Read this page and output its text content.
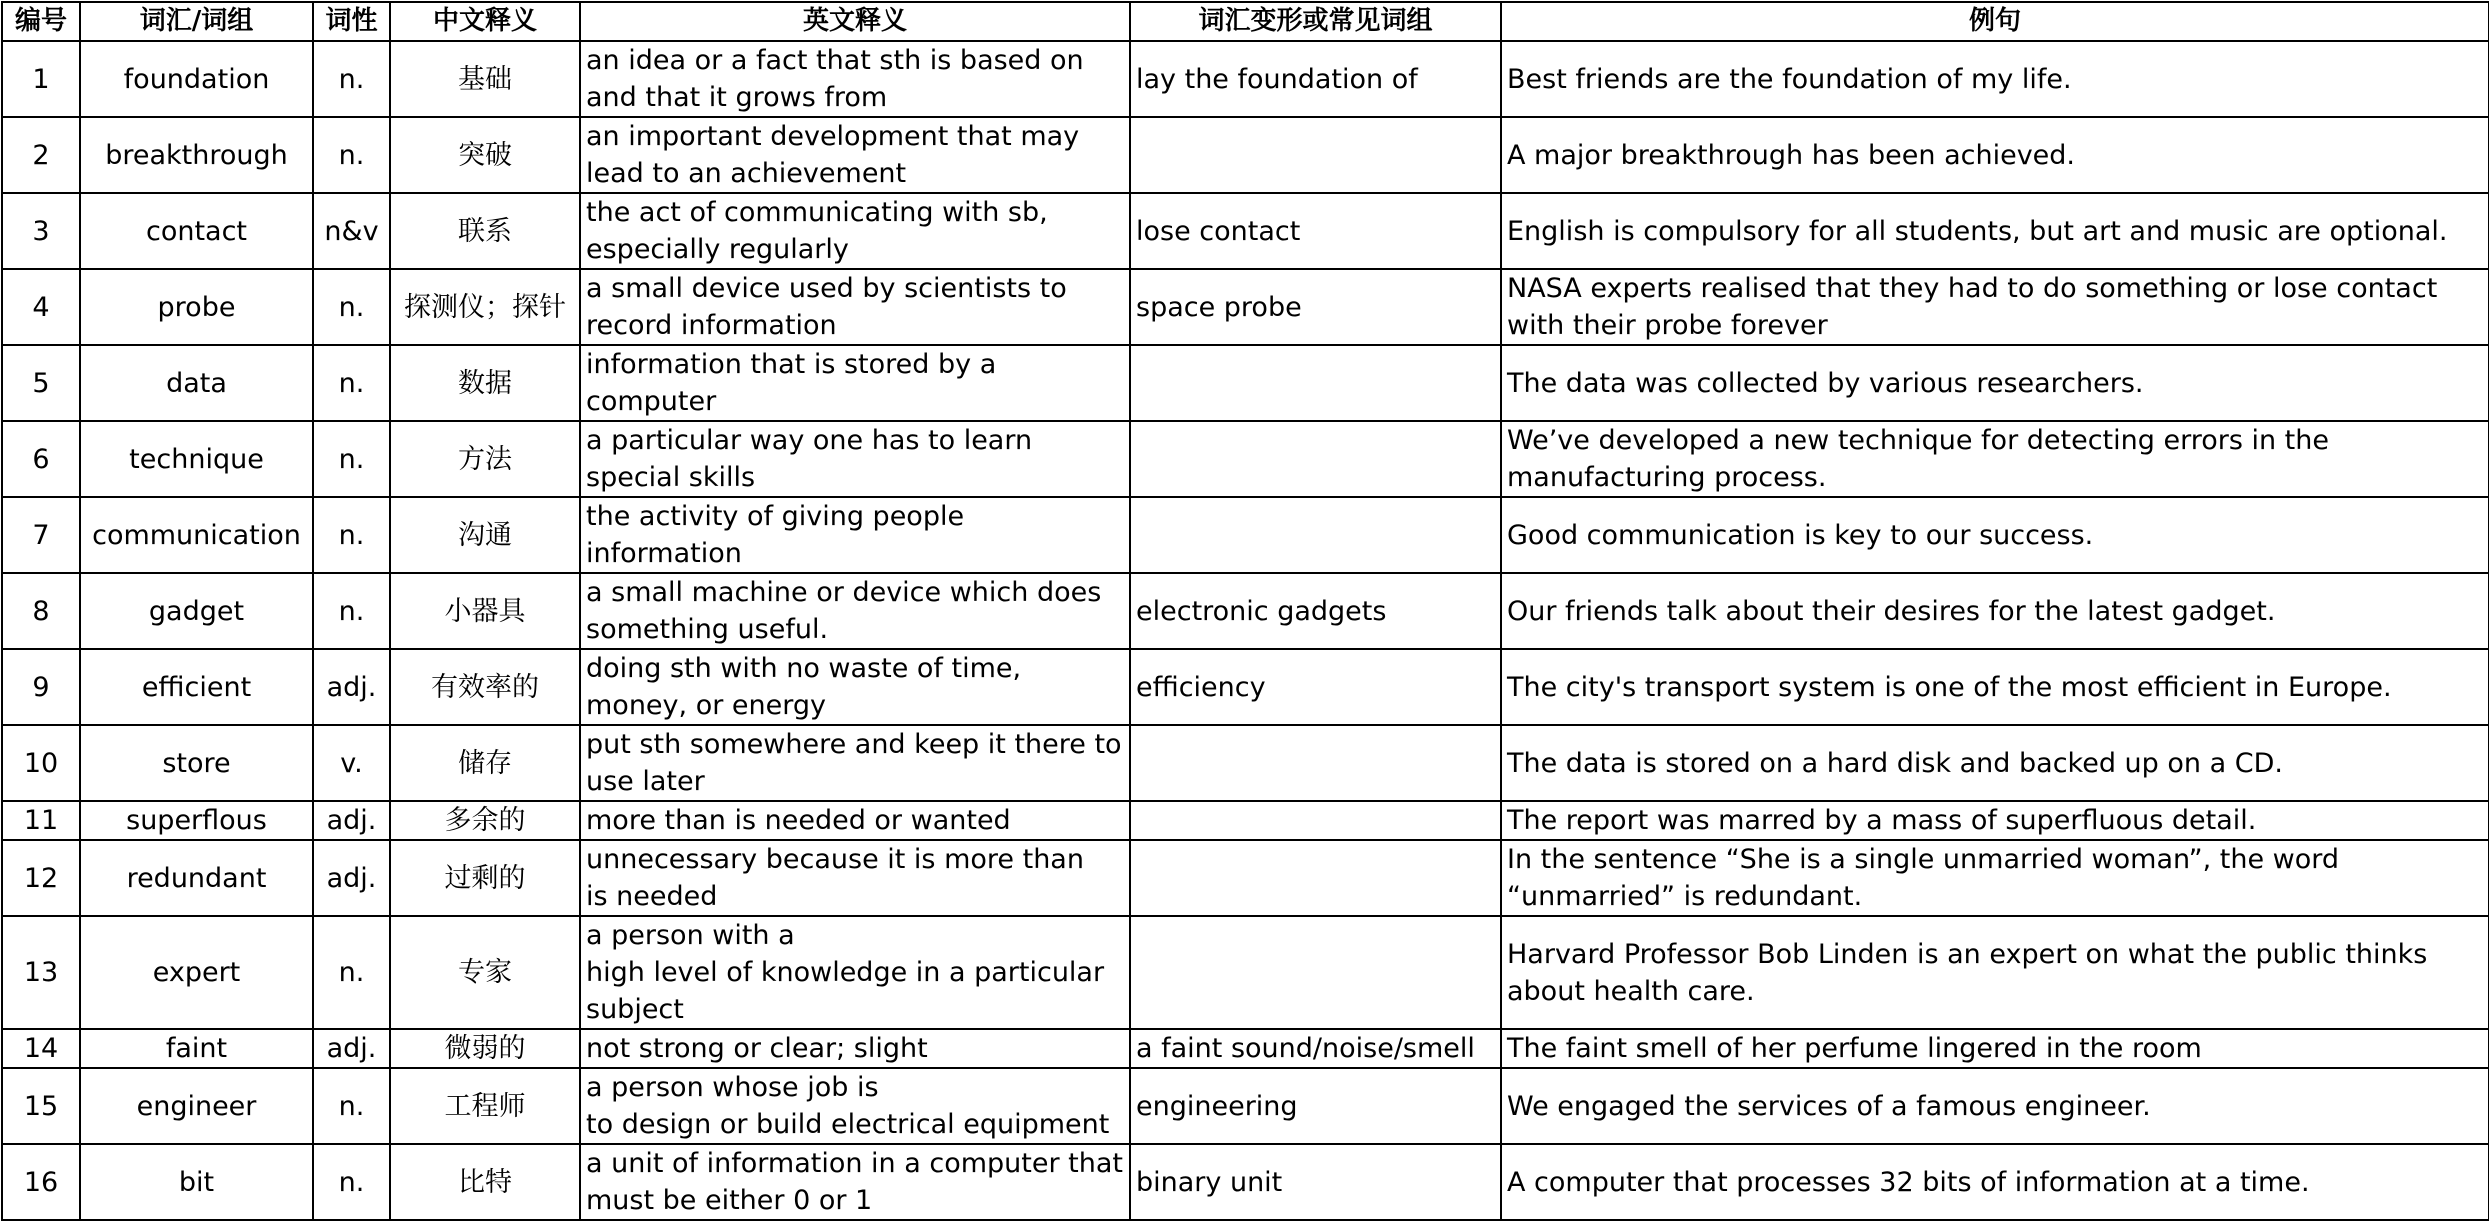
编号	词汇/词组	词性	中文释义	英文释义	词汇变形或常见词组	例句
1	foundation	n.	基础	an idea or a fact that sth is based on and that it grows from	lay the foundation of	Best friends are the foundation of my life.
2	breakthrough	n.	突破	an important development that may lead to an achievement		A major breakthrough has been achieved.
3	contact	n&v	联系	the act of communicating with sb, especially regularly	lose contact	English is compulsory for all students, but art and music are optional.
4	probe	n.	探测仪；探针	a small device used by scientists to record information	space probe	NASA experts realised that they had to do something or lose contact with their probe forever
5	data	n.	数据	information that is stored by a computer		The data was collected by various researchers.
6	technique	n.	方法	a particular way one has to learn special skills		We’ve developed a new technique for detecting errors in the manufacturing process.
7	communication	n.	沟通	the activity of giving people information		Good communication is key to our success.
8	gadget	n.	小器具	a small machine or device which does something useful.	electronic gadgets	Our friends talk about their desires for the latest gadget.
9	efficient	adj.	有效率的	doing sth with no waste of time, money, or energy	efficiency	The city's transport system is one of the most efficient in Europe.
10	store	v.	储存	put sth somewhere and keep it there to use later		The data is stored on a hard disk and backed up on a CD.
11	superflous	adj.	多余的	more than is needed or wanted		The report was marred by a mass of superfluous detail.
12	redundant	adj.	过剩的	unnecessary because it is more than
is needed		In the sentence “She is a single unmarried woman”, the word “unmarried” is redundant.
13	expert	n.	专家	a person with a
high level of knowledge in a particular subject		Harvard Professor Bob Linden is an expert on what the public thinks about health care.
14	faint	adj.	微弱的	not strong or clear; slight	a faint sound/noise/smell	The faint smell of her perfume lingered in the room
15	engineer	n.	工程师	a person whose job is
to design or build electrical equipment	engineering	We engaged the services of a famous engineer.
16	bit	n.	比特	a unit of information in a computer that must be either 0 or 1	binary unit	A computer that processes 32 bits of information at a time.
